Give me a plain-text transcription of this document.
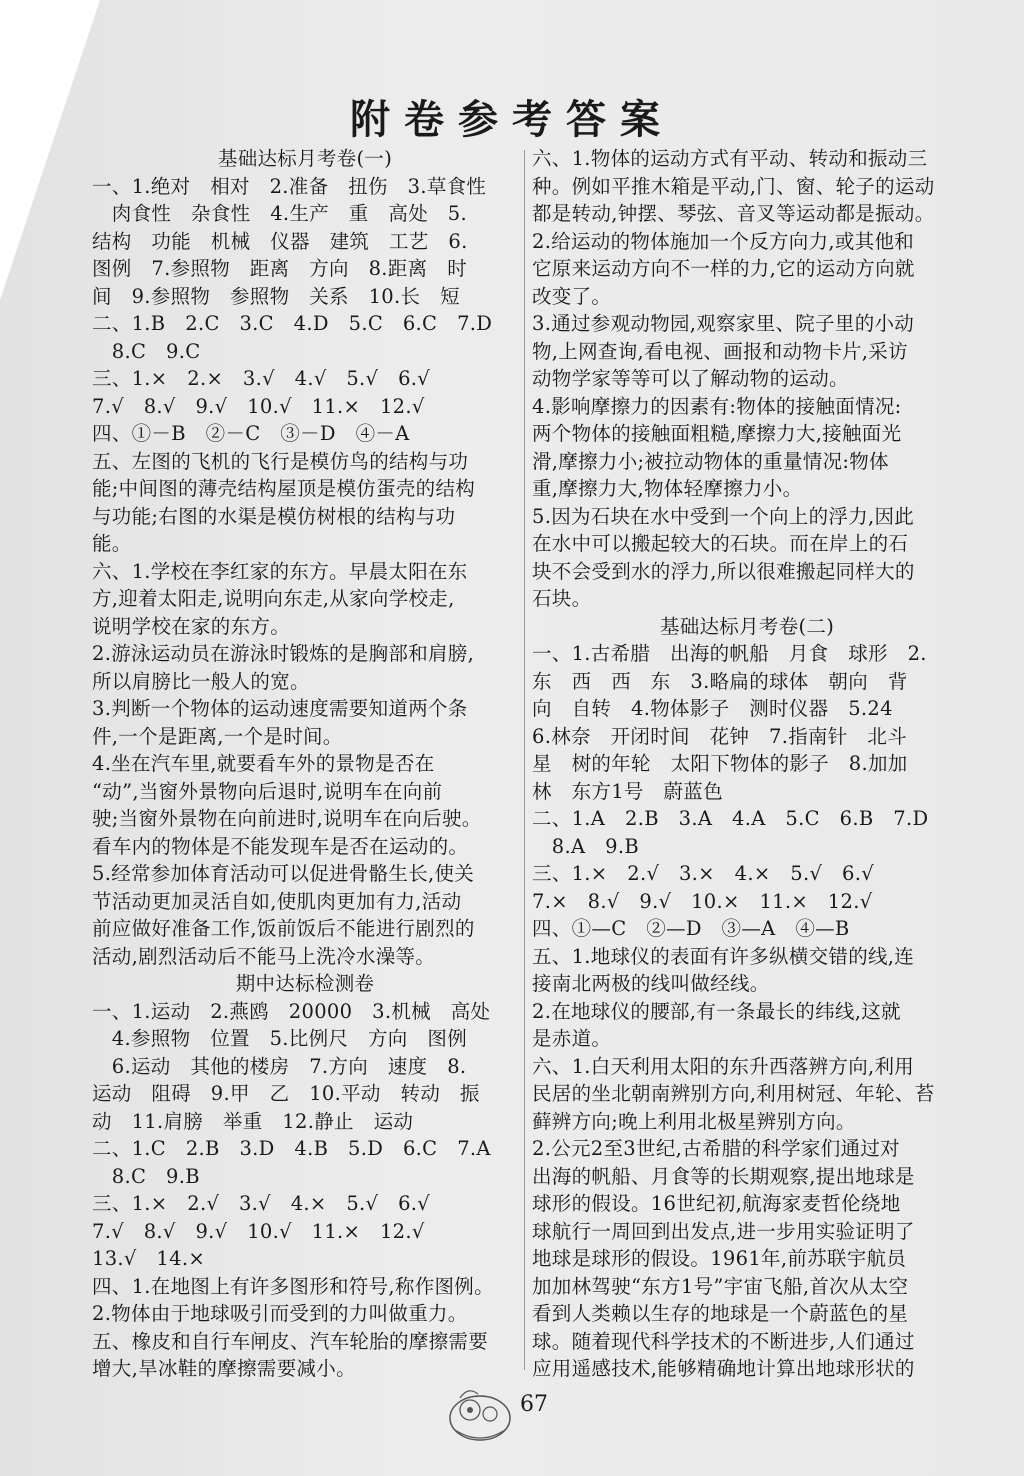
附卷参考答案
基础达标月考卷(一)
一、1.绝对　相对　2.准备　扭伤　3.草食性
　肉食性　杂食性　4.生产　重　高处　5.
结构　功能　机械　仪器　建筑　工艺　6.
图例　7.参照物　距离　方向　8.距离　时
间　9.参照物　参照物　关系　10.长　短
二、1.B　2.C　3.C　4.D　5.C　6.C　7.D
　8.C　9.C
三、1.×　2.×　3.√　4.√　5.√　6.√
7.√　8.√　9.√　10.√　11.×　12.√
四、①－B　②－C　③－D　④－A
五、左图的飞机的飞行是模仿鸟的结构与功
能;中间图的薄壳结构屋顶是模仿蛋壳的结构
与功能;右图的水渠是模仿树根的结构与功
能。
六、1.学校在李红家的东方。早晨太阳在东
方,迎着太阳走,说明向东走,从家向学校走,
说明学校在家的东方。
2.游泳运动员在游泳时锻炼的是胸部和肩膀,
所以肩膀比一般人的宽。
3.判断一个物体的运动速度需要知道两个条
件,一个是距离,一个是时间。
4.坐在汽车里,就要看车外的景物是否在
“动”,当窗外景物向后退时,说明车在向前
驶;当窗外景物在向前进时,说明车在向后驶。
看车内的物体是不能发现车是否在运动的。
5.经常参加体育活动可以促进骨骼生长,使关
节活动更加灵活自如,使肌肉更加有力,活动
前应做好准备工作,饭前饭后不能进行剧烈的
活动,剧烈活动后不能马上洗冷水澡等。
期中达标检测卷
一、1.运动　2.燕鸥　20000　3.机械　高处
　4.参照物　位置　5.比例尺　方向　图例
　6.运动　其他的楼房　7.方向　速度　8.
运动　阻碍　9.甲　乙　10.平动　转动　振
动　11.肩膀　举重　12.静止　运动
二、1.C　2.B　3.D　4.B　5.D　6.C　7.A
　8.C　9.B
三、1.×　2.√　3.√　4.×　5.√　6.√
7.√　8.√　9.√　10.√　11.×　12.√
13.√　14.×
四、1.在地图上有许多图形和符号,称作图例。
2.物体由于地球吸引而受到的力叫做重力。
五、橡皮和自行车闸皮、汽车轮胎的摩擦需要
增大,旱冰鞋的摩擦需要减小。
六、1.物体的运动方式有平动、转动和振动三
种。例如平推木箱是平动,门、窗、轮子的运动
都是转动,钟摆、琴弦、音叉等运动都是振动。
2.给运动的物体施加一个反方向力,或其他和
它原来运动方向不一样的力,它的运动方向就
改变了。
3.通过参观动物园,观察家里、院子里的小动
物,上网查询,看电视、画报和动物卡片,采访
动物学家等等可以了解动物的运动。
4.影响摩擦力的因素有:物体的接触面情况:
两个物体的接触面粗糙,摩擦力大,接触面光
滑,摩擦力小;被拉动物体的重量情况:物体
重,摩擦力大,物体轻摩擦力小。
5.因为石块在水中受到一个向上的浮力,因此
在水中可以搬起较大的石块。而在岸上的石
块不会受到水的浮力,所以很难搬起同样大的
石块。
基础达标月考卷(二)
一、1.古希腊　出海的帆船　月食　球形　2.
东　西　西　东　3.略扁的球体　朝向　背
向　自转　4.物体影子　测时仪器　5.24
6.林奈　开闭时间　花钟　7.指南针　北斗
星　树的年轮　太阳下物体的影子　8.加加
林　东方1号　蔚蓝色
二、1.A　2.B　3.A　4.A　5.C　6.B　7.D
　8.A　9.B
三、1.×　2.√　3.×　4.×　5.√　6.√
7.×　8.√　9.√　10.×　11.×　12.√
四、①—C　②—D　③—A　④—B
五、1.地球仪的表面有许多纵横交错的线,连
接南北两极的线叫做经线。
2.在地球仪的腰部,有一条最长的纬线,这就
是赤道。
六、1.白天利用太阳的东升西落辨方向,利用
民居的坐北朝南辨别方向,利用树冠、年轮、苔
藓辨方向;晚上利用北极星辨别方向。
2.公元2至3世纪,古希腊的科学家们通过对
出海的帆船、月食等的长期观察,提出地球是
球形的假设。16世纪初,航海家麦哲伦绕地
球航行一周回到出发点,进一步用实验证明了
地球是球形的假设。1961年,前苏联宇航员
加加林驾驶“东方1号”宇宙飞船,首次从太空
看到人类赖以生存的地球是一个蔚蓝色的星
球。随着现代科学技术的不断进步,人们通过
应用遥感技术,能够精确地计算出地球形状的
67
